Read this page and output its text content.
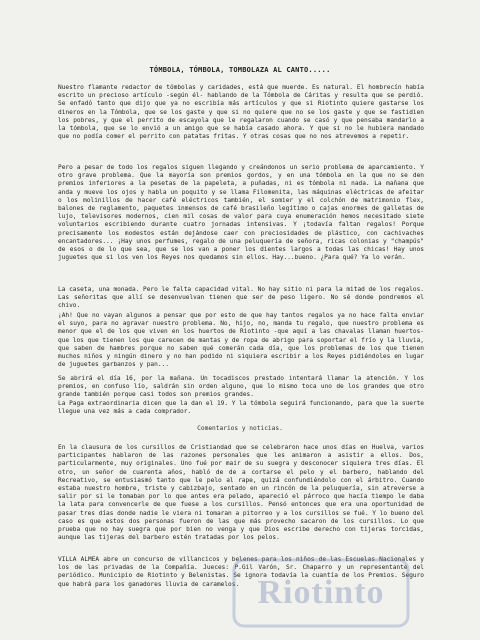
TÓMBOLA, TÓMBOLA, TOMBOLAZA AL CANTO.....
Nuestro flamante redactor de tómbolas y caridades, está que muerde. Es natural. El hombrecín había escrito un precioso artículo -según él- hablando de la Tómbola de Cáritas y resulta que se perdió. Se enfadó tanto que dijo que ya no escribía más artículos y que si Riotinto quiere gastarse los dineros en la Tómbola, que se los gaste y que si no quiere que no se los gaste y que se fastidien los pobres, y que el perrito de escayola que le regalaron cuando se casó y que pensaba mandarlo a la tómbola, que se lo envió a un amigo que se había casado ahora. Y que si no le hubiera mandado que no podía comer el perrito con patatas fritas. Y otras cosas que no nos atrevemos a repetir.
Pero a pesar de todo los regalos siguen llegando y creándonos un serio problema de aparcamiento. Y otro grave problema. Que la mayoría son premios gordos, y en una tómbola en la que no se den premios inferiores a la pesetas de la papeleta, a puñadas, ni es tómbola ni nada. La mañana que anda y mueve los ojos y habla un poquito y se llama Filomenita, las máquinas eléctricas de afeitar o los molinillos de hacer café eléctricos también, el somier y el colchón de matrimonio flex, balones de reglamento, paquetes inmensos de café brasileño legítimo o cajas enormes de galletas de lujo, televisores modernos, cien mil cosas de valor para cuya enumeración hemos necesitado siete voluntarios escribiendo durante cuatro jornadas intensivas. Y ¡todavía faltan regalos! Porque precisamente los modestos están dejándose caer con preciosidades de plástico, con cachivaches encantadores... ¡Hay unos perfumes, regalo de una peluquería de señora, ricas colonias y "champús" de esos o de lo que sea, que se los van a poner los dientes largos a todas las chicas! Hay unos juguetes que si los ven los Reyes nos quedamos sin ellos. Hay...bueno. ¿Para qué? Ya lo verán.
La caseta, una monada. Pero le falta capacidad vital. No hay sitio ni para la mitad de los regalos. Las señoritas que allí se desenvuelvan tienen que ser de peso ligero. No sé donde pondremos el chivo.
¡Ah! Que no vayan algunos a pensar que por esto de que hay tantos regalos ya no hace falta enviar el suyo, para no agravar nuestro problema. No, hijo, no, manda tu regalo, que nuestro problema es menor que el de los que viven en los huertos de Riotinto -que aquí a las chavalas llaman huertos- que los que tienen los que carecen de mantas y de ropa de abrigo para soportar el frío y la lluvia, que saben de hambres porque no saben qué comerán cada día, que los problemas de los que tienen muchos niños y ningún dinero y no han podido ni siquiera escribir a los Reyes pidiéndoles en lugar de juguetes garbanzos y pan...
Se abrirá el día 16, por la mañana. Un tocadiscos prestado intentará llamar la atención. Y los premios, en confuso lío, saldrán sin orden alguno, que lo mismo toca uno de los grandes que otro grande también porque casi todos son premios grandes.
La Paga extraordinaria dicen que la dan el 19. Y la tómbola seguirá funcionando, para que la suerte llegue una vez más a cada comprador.
Comentarios y noticias.
En la clausura de los cursillos de Cristiandad que se celebraron hace unos días en Huelva, varios participantes hablaron de las razones personales que les animaron a asistir a ellos. Dos, particularmente, muy originales. Uno fué por mair de su suegra y desconocer siquiera tres días. El otro, un señor de cuarenta años, habló de de a cortarse el pelo y el barbero, hablando del Recreativo, se entusiasmó tanto que le pelo al rape, quizá confundiéndolo con el árbitro. Cuando estaba nuestro hombre, triste y cabizbajo, sentado en un rincón de la peluquería, sin atreverse a salir por si le tomaban por lo que antes era pelado, apareció el párroco que hacía tiempo le daba la lata para convencerle de que fuese a los cursillos. Pensó entonces que era una oportunidad de pasar tres días donde nadie le viera ni tomaran a pitorreo y a los cursillos se fué. Y lo bueno del caso es que estos dos personas fueron de las que más provecho sacaron de los cursillos. Lo que prueba que no hay suegra que por bien no venga y que Dios escribe derecho con tijeras torcidas, aunque las tijeras del barbero estén tratadas por los pelos.
VILLA ALMEA abre un concurso de villancicos y belenes para los niños de las Escuelas Nacionales y los de las privadas de la Compañía. Jueces: P.Gil Varón, Sr. Chaparro y un representante del periódico. Municipio de Riotinto y Belenistas. Se ignora todavía la cuantía de los Premios. Seguro que habrá para los ganadores lluvia de caramelos. Riotinto
